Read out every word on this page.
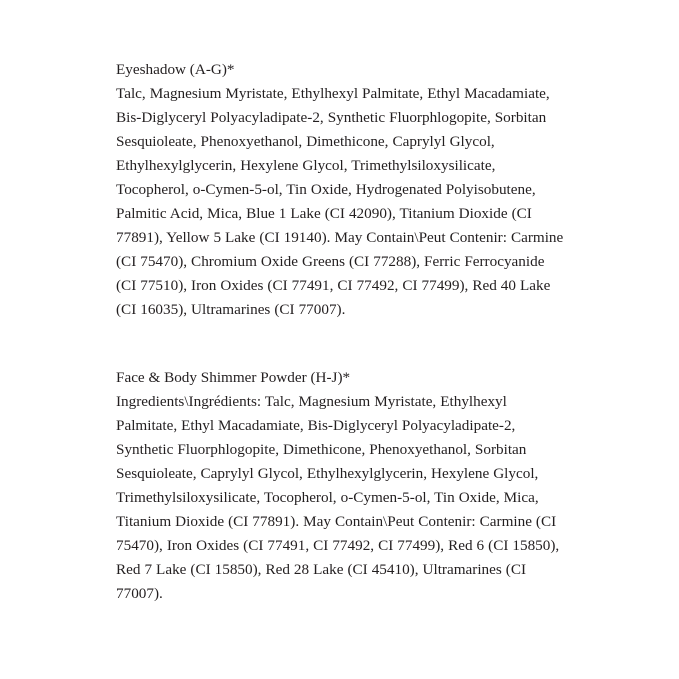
Eyeshadow (A-G)*

Talc, Magnesium Myristate, Ethylhexyl Palmitate, Ethyl Macadamiate, Bis-Diglyceryl Polyacyladipate-2, Synthetic Fluorphlogopite, Sorbitan Sesquioleate, Phenoxyethanol, Dimethicone, Caprylyl Glycol, Ethylhexylglycerin, Hexylene Glycol, Trimethylsiloxysilicate, Tocopherol, o-Cymen-5-ol, Tin Oxide, Hydrogenated Polyisobutene, Palmitic Acid, Mica, Blue 1 Lake (CI 42090), Titanium Dioxide (CI 77891), Yellow 5 Lake (CI 19140). May Contain\Peut Contenir: Carmine (CI 75470), Chromium Oxide Greens (CI 77288), Ferric Ferrocyanide (CI 77510), Iron Oxides (CI 77491, CI 77492, CI 77499), Red 40 Lake (CI 16035), Ultramarines (CI 77007).

Face & Body Shimmer Powder (H-J)*

Ingredients\Ingrédients: Talc, Magnesium Myristate, Ethylhexyl Palmitate, Ethyl Macadamiate, Bis-Diglyceryl Polyacyladipate-2, Synthetic Fluorphlogopite, Dimethicone, Phenoxyethanol, Sorbitan Sesquioleate, Caprylyl Glycol, Ethylhexylglycerin, Hexylene Glycol, Trimethylsiloxysilicate, Tocopherol, o-Cymen-5-ol, Tin Oxide, Mica, Titanium Dioxide (CI 77891). May Contain\Peut Contenir: Carmine (CI 75470), Iron Oxides (CI 77491, CI 77492, CI 77499), Red 6 (CI 15850), Red 7 Lake (CI 15850), Red 28 Lake (CI 45410), Ultramarines (CI 77007).
